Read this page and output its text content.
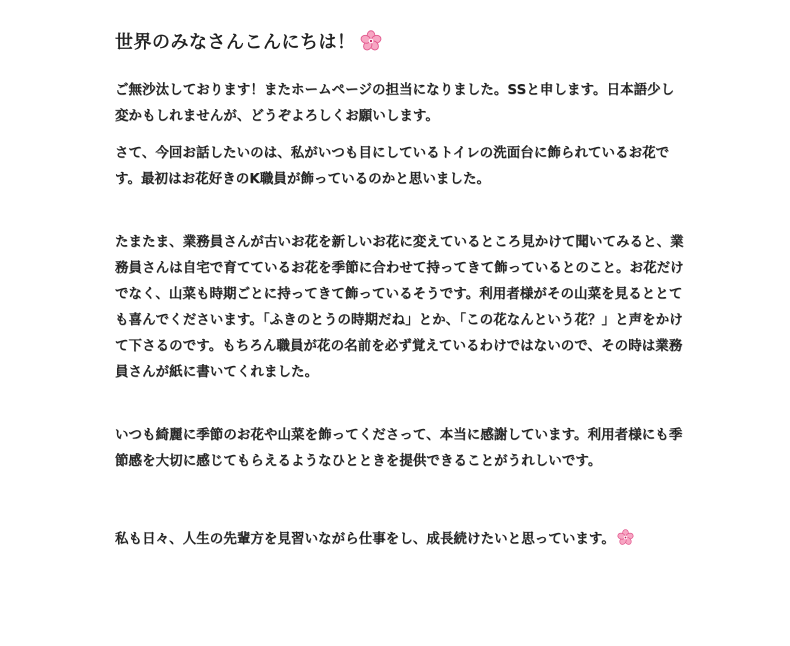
世界のみなさんこんにちは！

ご無沙汰しております！またホームページの担当になりました。SSと申します。日本語少し変かもしれませんが、どうぞよろしくお願いします。

さて、今回お話したいのは、私がいつも目にしているトイレの洗面台に飾られているお花です。最初はお花好きのK職員が飾っているのかと思いました。

たまたま、業務員さんが古いお花を新しいお花に変えているところ見かけて聞いてみると、業務員さんは自宅で育てているお花を季節に合わせて持ってきて飾っているとのこと。お花だけでなく、山菜も時期ごとに持ってきて飾っているそうです。利用者様がその山菜を見るととても喜んでくださいます。「ふきのとうの時期だね」とか、「この花なんという花？」と声をかけて下さるのです。もちろん職員が花の名前を必ず覚えているわけではないので、その時は業務員さんが紙に書いてくれました。

いつも綺麗に季節のお花や山菜を飾ってくださって、本当に感謝しています。利用者様にも季節感を大切に感じてもらえるようなひとときを提供できることがうれしいです。

私も日々、人生の先輩方を見習いながら仕事をし、成長続けたいと思っています。
